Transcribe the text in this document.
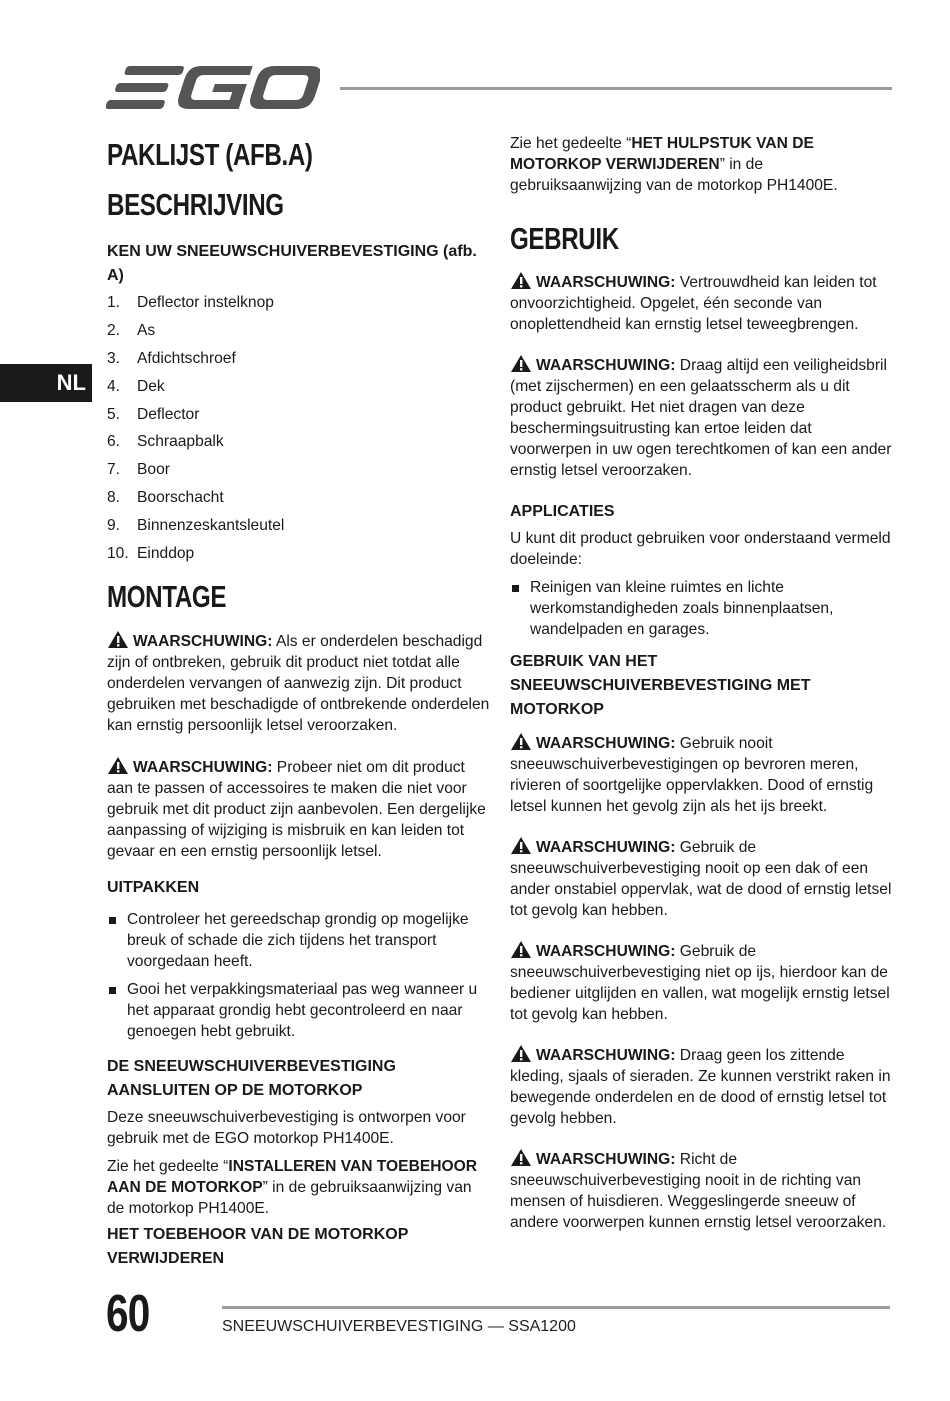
NL
PAKLIJST (AFB.A)
BESCHRIJVING
KEN UW SNEEUWSCHUIVERBEVESTIGING (afb. A)
1.	Deflector instelknop
2.	As
3.	Afdichtschroef
4.	Dek
5.	Deflector
6.	Schraapbalk
7.	Boor
8.	Boorschacht
9.	Binnenzeskantsleutel
10. Einddop
MONTAGE

WAARSCHUWING: Als er onderdelen beschadigd zijn of ontbreken, gebruik dit product niet totdat alle onderdelen vervangen of aanwezig zijn. Dit product gebruiken met beschadigde of ontbrekende onderdelen kan ernstig persoonlijk letsel veroorzaken.

WAARSCHUWING: Probeer niet om dit product aan te passen of accessoires te maken die niet voor gebruik met dit product zijn aanbevolen. Een dergelijke aanpassing of wijziging is misbruik en kan leiden tot gevaar en een ernstig persoonlijk letsel.

UITPAKKEN
Controleer het gereedschap grondig op mogelijke breuk of schade die zich tijdens het transport voorgedaan heeft.
Gooi het verpakkingsmateriaal pas weg wanneer u het apparaat grondig hebt gecontroleerd en naar genoegen hebt gebruikt.
DE SNEEUWSCHUIVERBEVESTIGING AANSLUITEN OP DE MOTORKOP

Deze sneeuwschuiverbevestiging is ontworpen voor gebruik met de EGO motorkop PH1400E.

Zie het gedeelte “INSTALLEREN VAN TOEBEHOOR AAN DE MOTORKOP” in de gebruiksaanwijzing van de motorkop PH1400E.

HET TOEBEHOOR VAN DE MOTORKOP VERWIJDEREN

Zie het gedeelte “HET HULPSTUK VAN DE MOTORKOP VERWIJDEREN” in de gebruiksaanwijzing van de motorkop PH1400E.

GEBRUIK

WAARSCHUWING: Vertrouwdheid kan leiden tot onvoorzichtigheid. Opgelet, één seconde van onoplettendheid kan ernstig letsel teweegbrengen.

WAARSCHUWING: Draag altijd een veiligheidsbril (met zijschermen) en een gelaatsscherm als u dit product gebruikt. Het niet dragen van deze beschermingsuitrusting kan ertoe leiden dat voorwerpen in uw ogen terechtkomen of kan een ander ernstig letsel veroorzaken.

APPLICATIES

U kunt dit product gebruiken voor onderstaand vermeld doeleinde:

Reinigen van kleine ruimtes en lichte werkomstandigheden zoals binnenplaatsen, wandelpaden en garages.
GEBRUIK VAN HET SNEEUWSCHUIVERBEVESTIGING MET MOTORKOP

WAARSCHUWING: Gebruik nooit sneeuwschuiverbevestigingen op bevroren meren, rivieren of soortgelijke oppervlakken. Dood of ernstig letsel kunnen het gevolg zijn als het ijs breekt.

WAARSCHUWING: Gebruik de sneeuwschuiverbevestiging nooit op een dak of een ander onstabiel oppervlak, wat de dood of ernstig letsel tot gevolg kan hebben.

WAARSCHUWING: Gebruik de sneeuwschuiverbevestiging niet op ijs, hierdoor kan de bediener uitglijden en vallen, wat mogelijk ernstig letsel tot gevolg kan hebben.

WAARSCHUWING: Draag geen los zittende kleding, sjaals of sieraden. Ze kunnen verstrikt raken in bewegende onderdelen en de dood of ernstig letsel tot gevolg hebben.

WAARSCHUWING: Richt de sneeuwschuiverbevestiging nooit in de richting van mensen of huisdieren. Weggeslingerde sneeuw of andere voorwerpen kunnen ernstig letsel veroorzaken.

60	SNEEUWSCHUIVERBEVESTIGING — SSA1200
